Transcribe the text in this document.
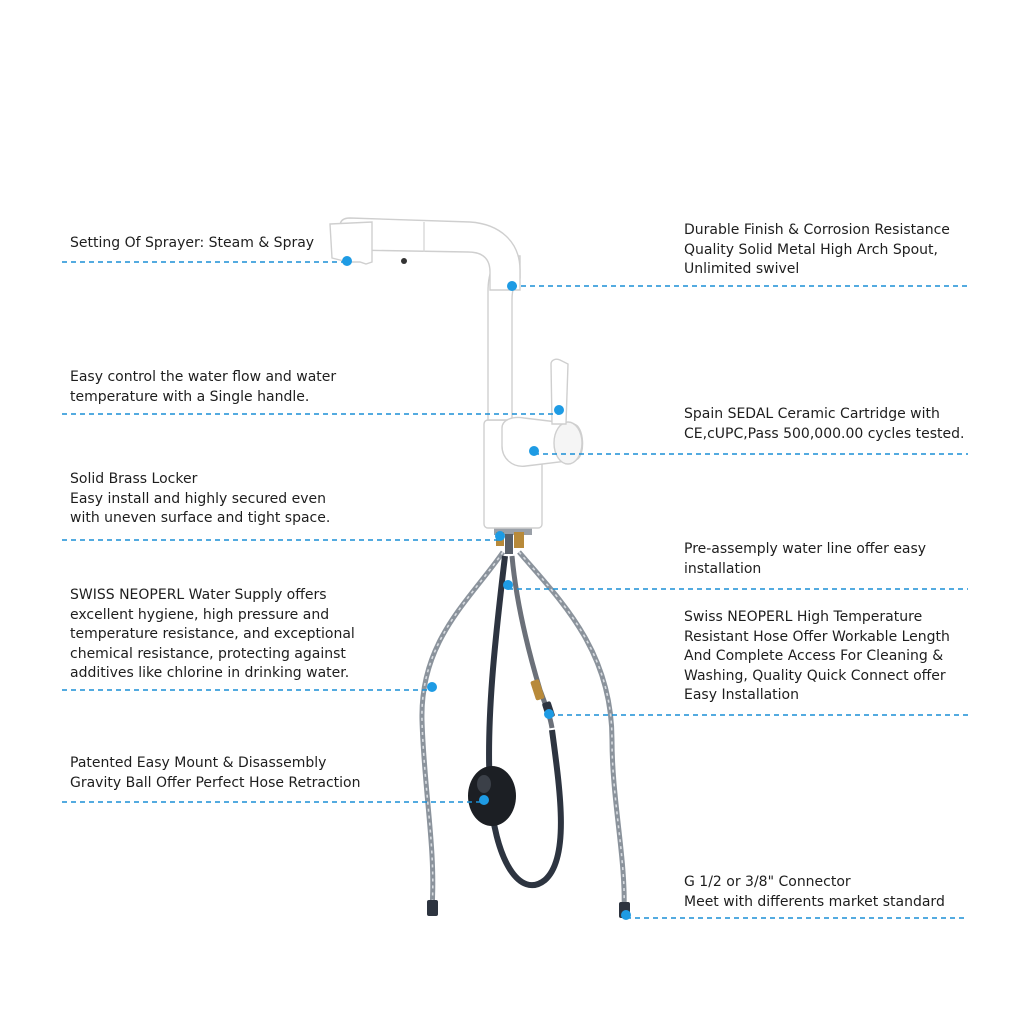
Setting Of Sprayer: Steam & Spray
Easy control the water flow and water
temperature with a Single handle.
Solid Brass Locker
Easy install and highly secured even
with uneven surface and tight space.
SWISS NEOPERL Water Supply offers
excellent hygiene, high pressure and
temperature resistance, and exceptional
chemical resistance, protecting against
additives like chlorine in drinking water.
Patented Easy Mount & Disassembly
Gravity Ball Offer Perfect Hose Retraction
Durable Finish & Corrosion Resistance
Quality Solid Metal High Arch Spout,
Unlimited swivel
Spain SEDAL Ceramic Cartridge with
CE,cUPC,Pass 500,000.00 cycles tested.
Pre-assemply water line offer easy
installation
Swiss NEOPERL High Temperature
Resistant Hose Offer Workable Length
And Complete Access For Cleaning &
Washing, Quality Quick Connect offer
Easy Installation
G 1/2 or 3/8" Connector
Meet with differents market standard
